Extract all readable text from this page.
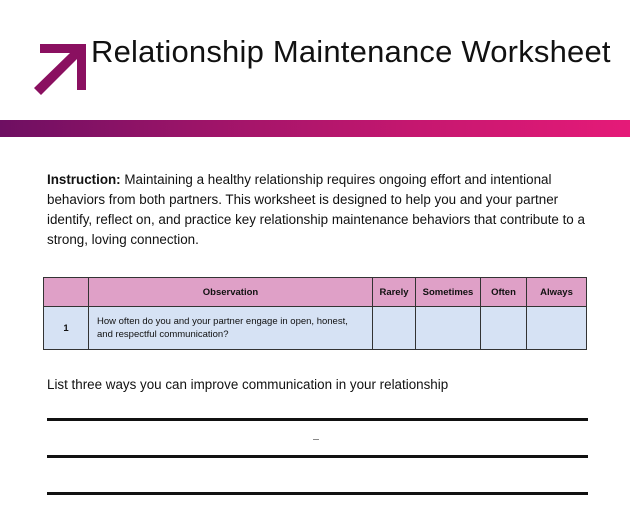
Relationship Maintenance Worksheet
Instruction: Maintaining a healthy relationship requires ongoing effort and intentional behaviors from both partners. This worksheet is designed to help you and your partner identify, reflect on, and practice key relationship maintenance behaviors that contribute to a strong, loving connection.
	Observation	Rarely	Sometimes	Often	Always
1	How often do you and your partner engage in open, honest, and respectful communication?				
List three ways you can improve communication in your relationship
